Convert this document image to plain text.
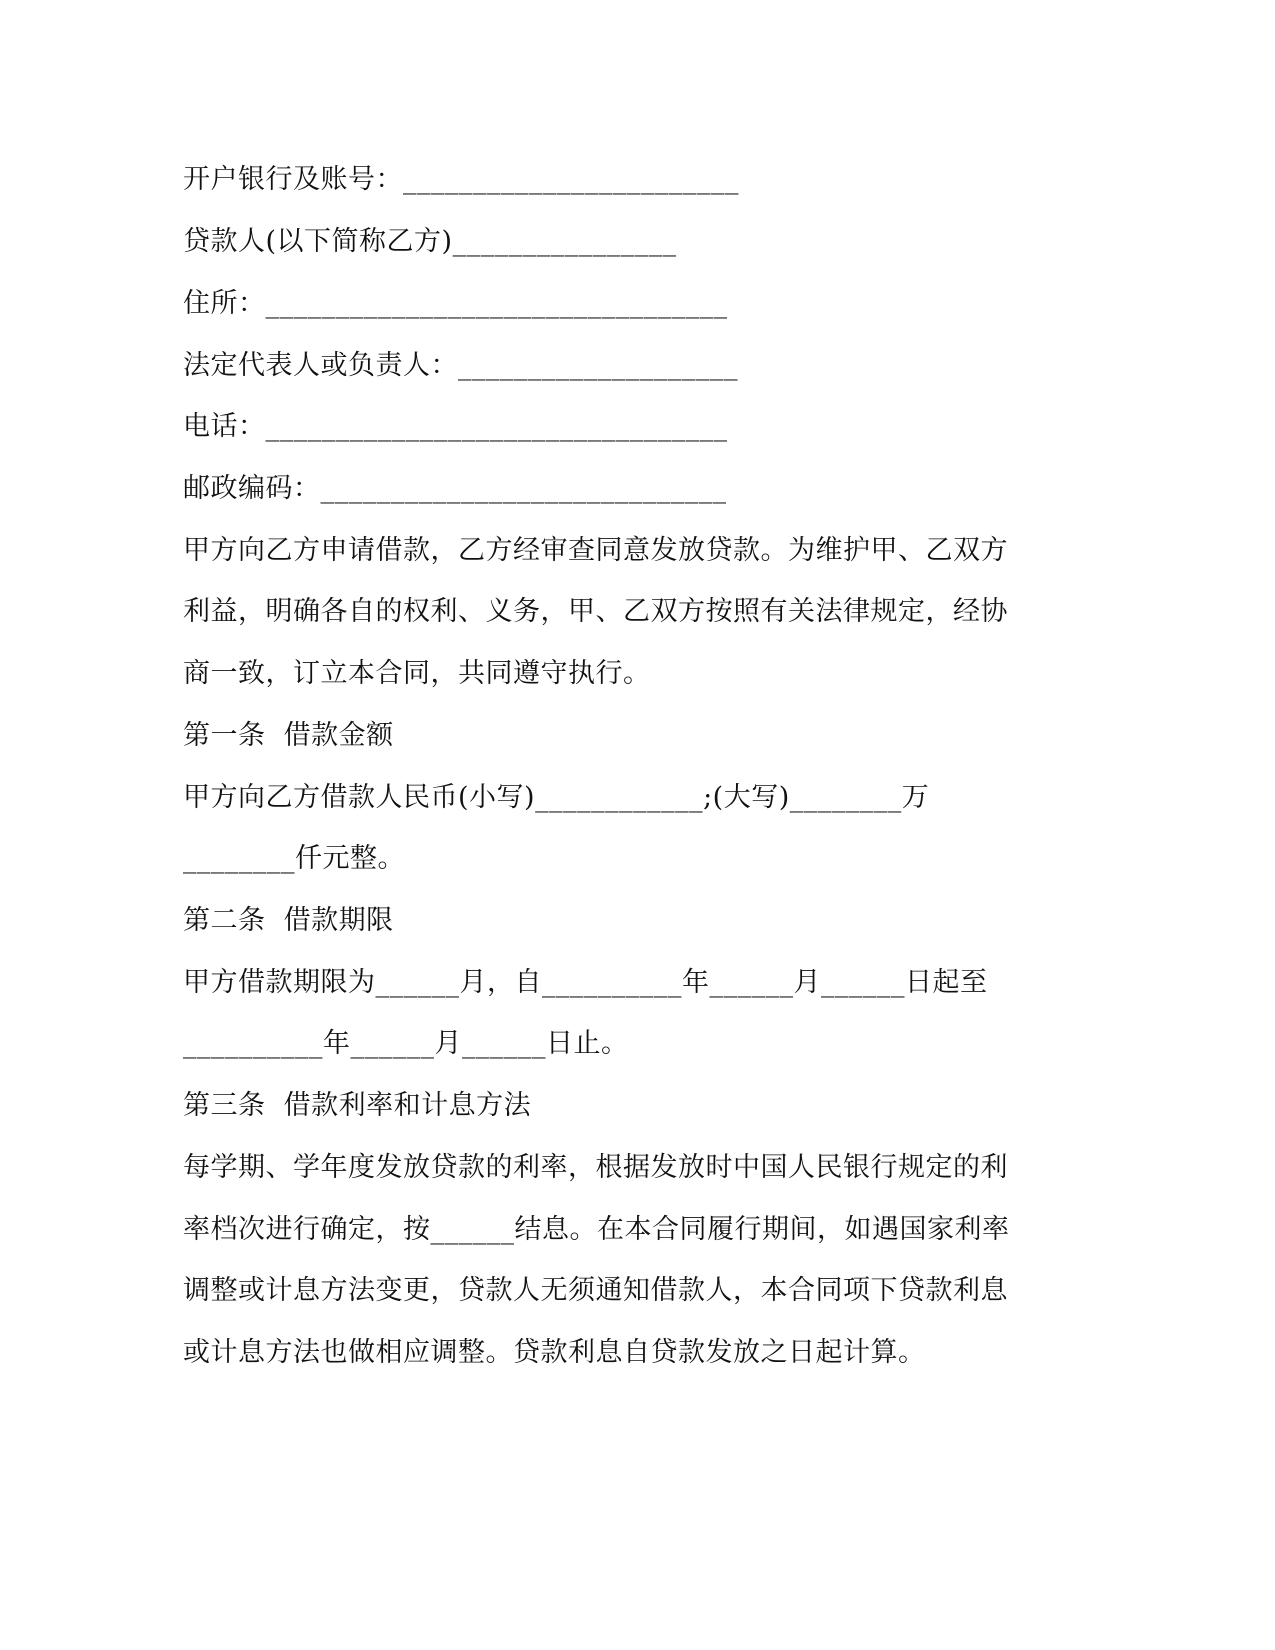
开户银行及账号：________________________
贷款人(以下简称乙方)________________
住所：_________________________________
法定代表人或负责人：____________________
电话：_________________________________
邮政编码：_____________________________
甲方向乙方申请借款，乙方经审查同意发放贷款。为维护甲、乙双方
利益，明确各自的权利、义务，甲、乙双方按照有关法律规定，经协
商一致，订立本合同，共同遵守执行。
第一条  借款金额
甲方向乙方借款人民币(小写)____________;(大写)________万
________仟元整。
第二条  借款期限
甲方借款期限为______月，自__________年______月______日起至
__________年______月______日止。
第三条  借款利率和计息方法
每学期、学年度发放贷款的利率，根据发放时中国人民银行规定的利
率档次进行确定，按______结息。在本合同履行期间，如遇国家利率
调整或计息方法变更，贷款人无须通知借款人，本合同项下贷款利息
或计息方法也做相应调整。贷款利息自贷款发放之日起计算。
